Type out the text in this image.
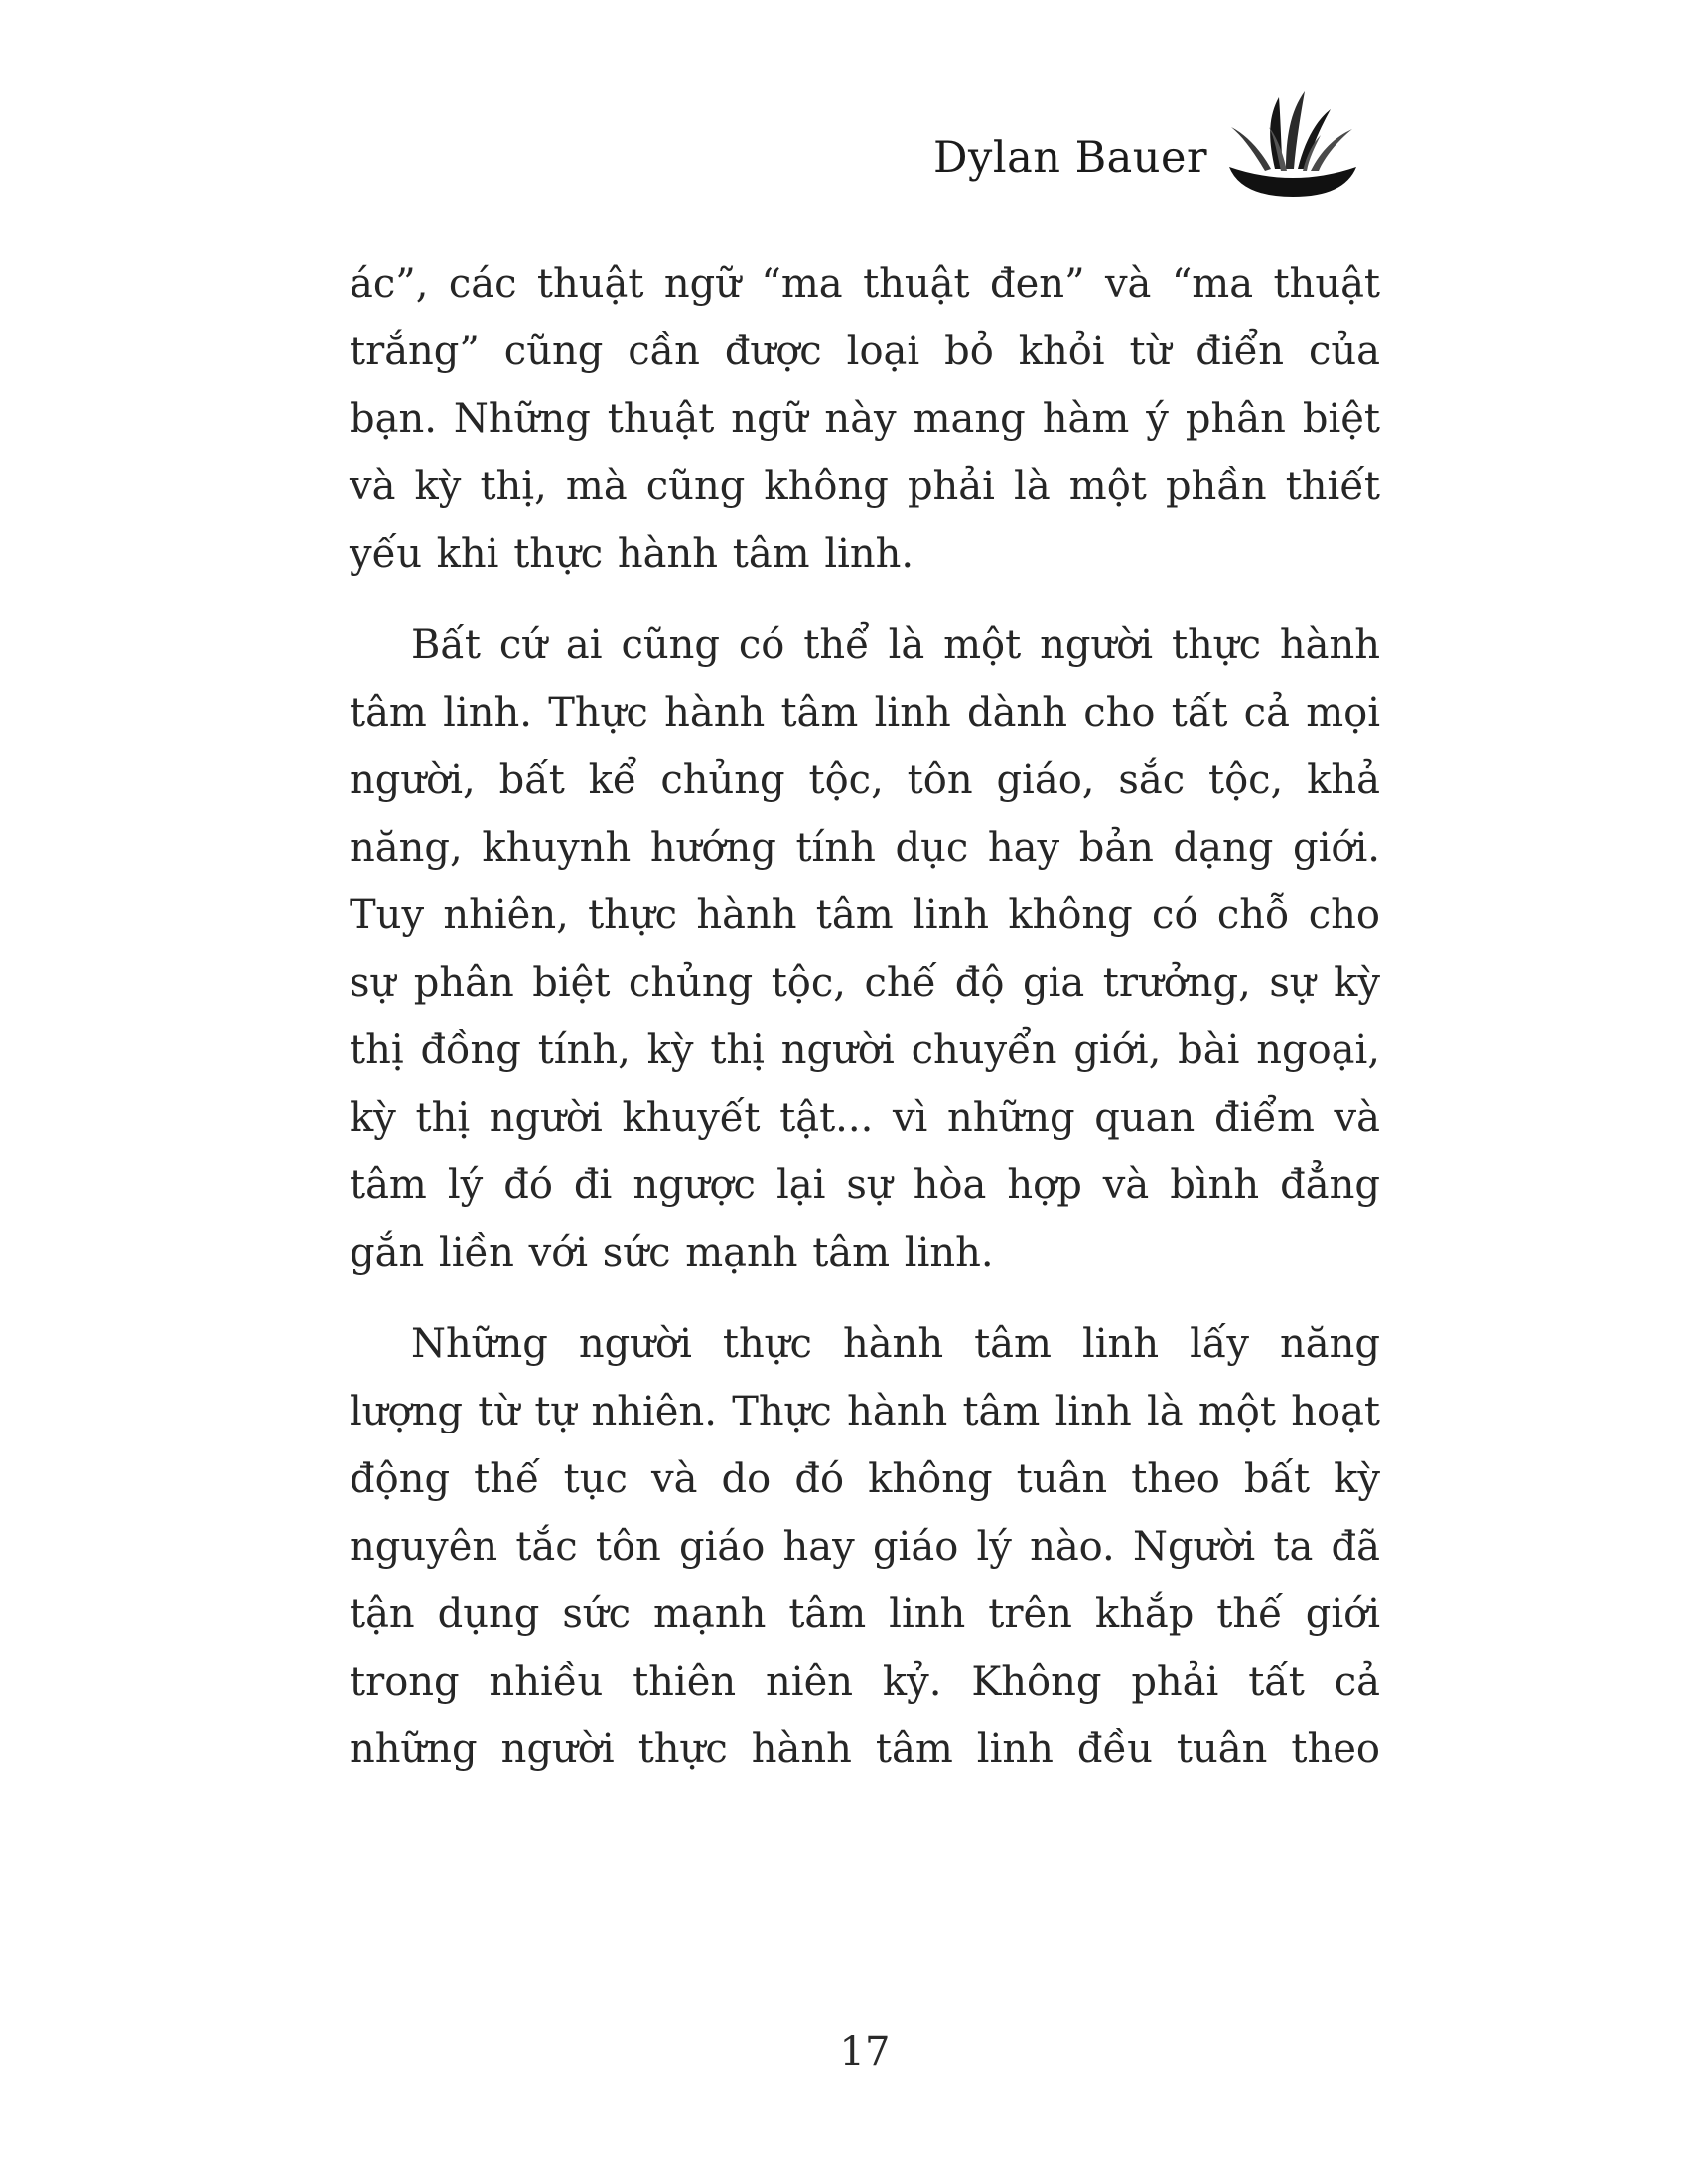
Dylan Bauer

ác”, các thuật ngữ “ma thuật đen” và “ma thuật trắng” cũng cần được loại bỏ khỏi từ điển của bạn. Những thuật ngữ này mang hàm ý phân biệt và kỳ thị, mà cũng không phải là một phần thiết yếu khi thực hành tâm linh.

Bất cứ ai cũng có thể là một người thực hành tâm linh. Thực hành tâm linh dành cho tất cả mọi người, bất kể chủng tộc, tôn giáo, sắc tộc, khả năng, khuynh hướng tính dục hay bản dạng giới. Tuy nhiên, thực hành tâm linh không có chỗ cho sự phân biệt chủng tộc, chế độ gia trưởng, sự kỳ thị đồng tính, kỳ thị người chuyển giới, bài ngoại, kỳ thị người khuyết tật... vì những quan điểm và tâm lý đó đi ngược lại sự hòa hợp và bình đẳng gắn liền với sức mạnh tâm linh.

Những người thực hành tâm linh lấy năng lượng từ tự nhiên. Thực hành tâm linh là một hoạt động thế tục và do đó không tuân theo bất kỳ nguyên tắc tôn giáo hay giáo lý nào. Người ta đã tận dụng sức mạnh tâm linh trên khắp thế giới trong nhiều thiên niên kỷ. Không phải tất cả những người thực hành tâm linh đều tuân theo

17
